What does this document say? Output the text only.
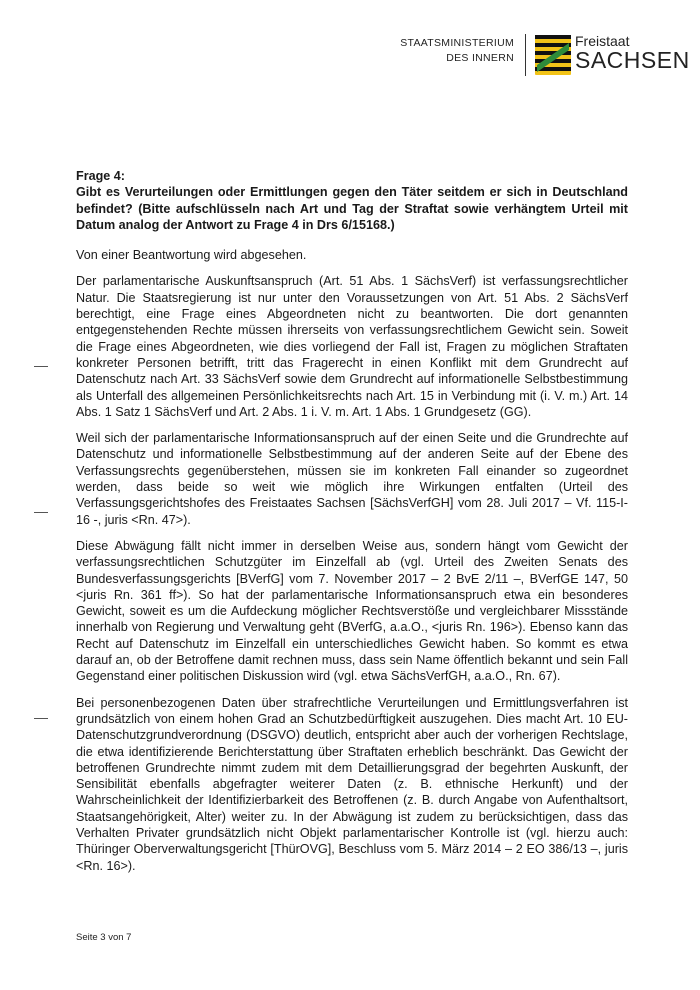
STAATSMINISTERIUM
DES INNERN
Freistaat
SACHSEN
Frage 4:
Gibt es Verurteilungen oder Ermittlungen gegen den Täter seitdem er sich in Deutschland befindet? (Bitte aufschlüsseln nach Art und Tag der Straftat sowie verhängtem Urteil mit Datum analog der Antwort zu Frage 4 in Drs 6/15168.)
Von einer Beantwortung wird abgesehen.
Der parlamentarische Auskunftsanspruch (Art. 51 Abs. 1 SächsVerf) ist verfassungsrechtlicher Natur. Die Staatsregierung ist nur unter den Voraussetzungen von Art. 51 Abs. 2 SächsVerf berechtigt, eine Frage eines Abgeordneten nicht zu beantworten. Die dort genannten entgegenstehenden Rechte müssen ihrerseits von verfassungsrechtlichem Gewicht sein. Soweit die Frage eines Abgeordneten, wie dies vorliegend der Fall ist, Fragen zu möglichen Straftaten konkreter Personen betrifft, tritt das Fragerecht in einen Konflikt mit dem Grundrecht auf Datenschutz nach Art. 33 SächsVerf sowie dem Grundrecht auf informationelle Selbstbestimmung als Unterfall des allgemeinen Persönlichkeitsrechts nach Art. 15 in Verbindung mit (i. V. m.) Art. 14 Abs. 1 Satz 1 SächsVerf und Art. 2 Abs. 1 i. V. m. Art. 1 Abs. 1 Grundgesetz (GG).
Weil sich der parlamentarische Informationsanspruch auf der einen Seite und die Grundrechte auf Datenschutz und informationelle Selbstbestimmung auf der anderen Seite auf der Ebene des Verfassungsrechts gegenüberstehen, müssen sie im konkreten Fall einander so zugeordnet werden, dass beide so weit wie möglich ihre Wirkungen entfalten (Urteil des Verfassungsgerichtshofes des Freistaates Sachsen [SächsVerfGH] vom 28. Juli 2017 – Vf. 115-I-16 -, juris <Rn. 47>).
Diese Abwägung fällt nicht immer in derselben Weise aus, sondern hängt vom Gewicht der verfassungsrechtlichen Schutzgüter im Einzelfall ab (vgl. Urteil des Zweiten Senats des Bundesverfassungsgerichts [BVerfG] vom 7. November 2017 – 2 BvE 2/11 –, BVerfGE 147, 50 <juris Rn. 361 ff>). So hat der parlamentarische Informationsanspruch etwa ein besonderes Gewicht, soweit es um die Aufdeckung möglicher Rechtsverstöße und vergleichbarer Missstände innerhalb von Regierung und Verwaltung geht (BVerfG, a.a.O., <juris Rn. 196>). Ebenso kann das Recht auf Datenschutz im Einzelfall ein unterschiedliches Gewicht haben. So kommt es etwa darauf an, ob der Betroffene damit rechnen muss, dass sein Name öffentlich bekannt und sein Fall Gegenstand einer politischen Diskussion wird (vgl. etwa SächsVerfGH, a.a.O., Rn. 67).
Bei personenbezogenen Daten über strafrechtliche Verurteilungen und Ermittlungsverfahren ist grundsätzlich von einem hohen Grad an Schutzbedürftigkeit auszugehen. Dies macht Art. 10 EU-Datenschutzgrundverordnung (DSGVO) deutlich, entspricht aber auch der vorherigen Rechtslage, die etwa identifizierende Berichterstattung über Straftaten erheblich beschränkt. Das Gewicht der betroffenen Grundrechte nimmt zudem mit dem Detaillierungsgrad der begehrten Auskunft, der Sensibilität ebenfalls abgefragter weiterer Daten (z. B. ethnische Herkunft) und der Wahrscheinlichkeit der Identifizierbarkeit des Betroffenen (z. B. durch Angabe von Aufenthaltsort, Staatsangehörigkeit, Alter) weiter zu. In der Abwägung ist zudem zu berücksichtigen, dass das Verhalten Privater grundsätzlich nicht Objekt parlamentarischer Kontrolle ist (vgl. hierzu auch: Thüringer Oberverwaltungsgericht [ThürOVG], Beschluss vom 5. März 2014 – 2 EO 386/13 –, juris <Rn. 16>).
Seite 3 von 7
